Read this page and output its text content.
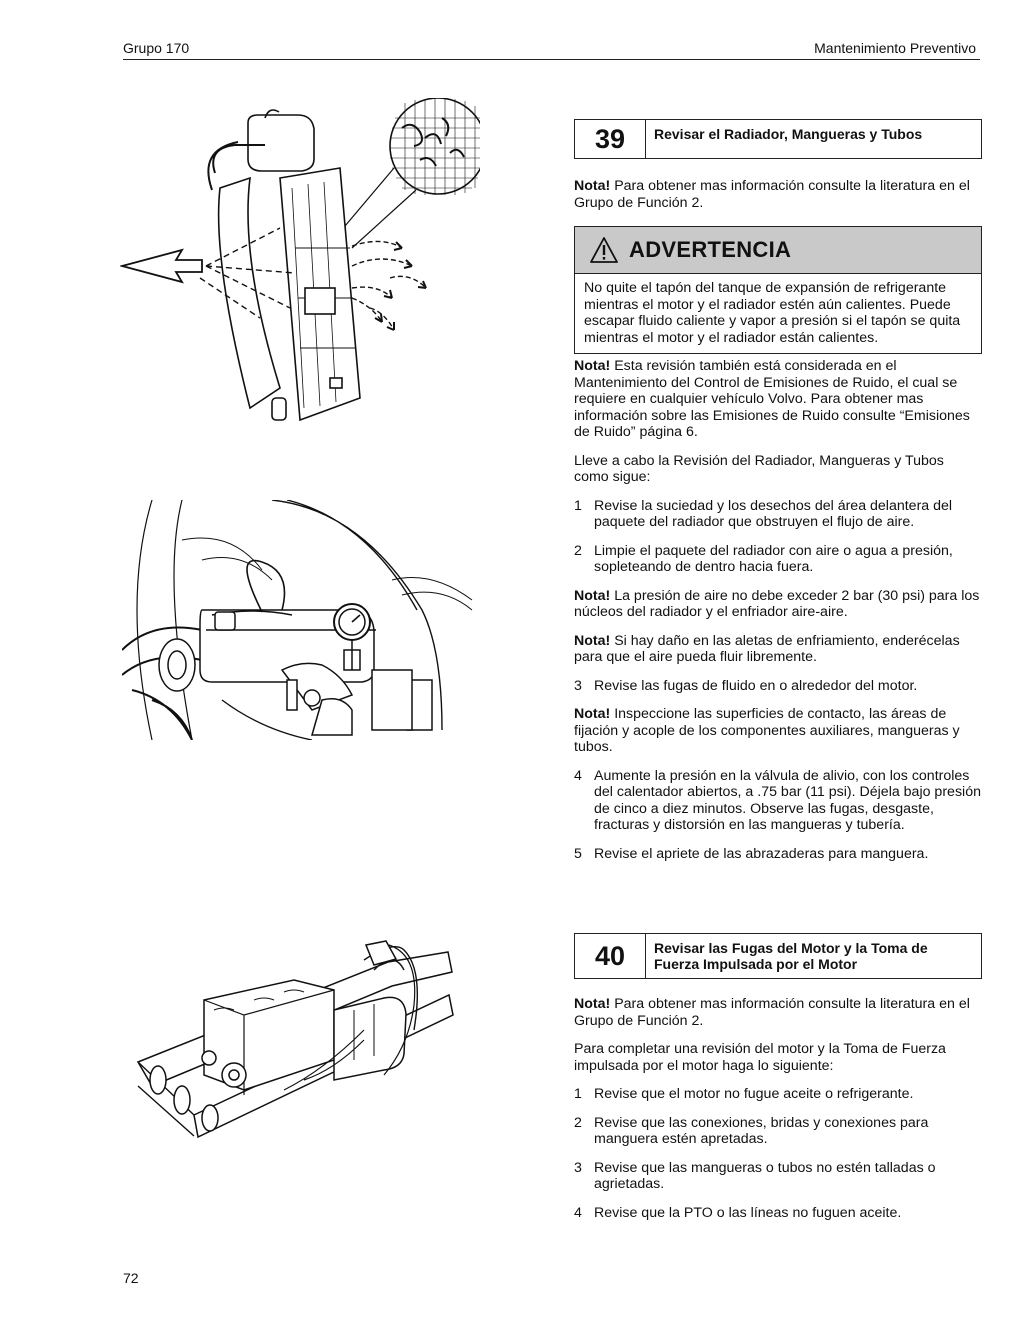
Grupo 170	Mantenimiento Preventivo
39	Revisar el Radiador, Mangueras y Tubos

Nota! Para obtener mas información consulte la literatura en el Grupo de Función 2.

ADVERTENCIA
No quite el tapón del tanque de expansión de refrigerante mientras el motor y el radiador estén aún calientes. Puede escapar fluido caliente y vapor a presión si el tapón se quita mientras el motor y el radiador están calientes.

Nota! Esta revisión también está considerada en el Mantenimiento del Control de Emisiones de Ruido, el cual se requiere en cualquier vehículo Volvo. Para obtener mas información sobre las Emisiones de Ruido consulte “Emisiones de Ruido” página 6.

Lleve a cabo la Revisión del Radiador, Mangueras y Tubos como sigue:

1 Revise la suciedad y los desechos del área delantera del paquete del radiador que obstruyen el flujo de aire.
2 Limpie el paquete del radiador con aire o agua a presión, sopleteando de dentro hacia fuera.

Nota! La presión de aire no debe exceder 2 bar (30 psi) para los núcleos del radiador y el enfriador aire-aire.

Nota! Si hay daño en las aletas de enfriamiento, enderécelas para que el aire pueda fluir libremente.

3 Revise las fugas de fluido en o alrededor del motor.

Nota! Inspeccione las superficies de contacto, las áreas de fijación y acople de los componentes auxiliares, mangueras y tubos.

4 Aumente la presión en la válvula de alivio, con los controles del calentador abiertos, a .75 bar (11 psi). Déjela bajo presión de cinco a diez minutos. Observe las fugas, desgaste, fracturas y distorsión en las mangueras y tubería.
5 Revise el apriete de las abrazaderas para manguera.
40	Revisar las Fugas del Motor y la Toma de Fuerza Impulsada por el Motor

Nota! Para obtener mas información consulte la literatura en el Grupo de Función 2.

Para completar una revisión del motor y la Toma de Fuerza impulsada por el motor haga lo siguiente:

1 Revise que el motor no fugue aceite o refrigerante.
2 Revise que las conexiones, bridas y conexiones para manguera estén apretadas.
3 Revise que las mangueras o tubos no estén talladas o agrietadas.
4 Revise que la PTO o las líneas no fuguen aceite.
72
